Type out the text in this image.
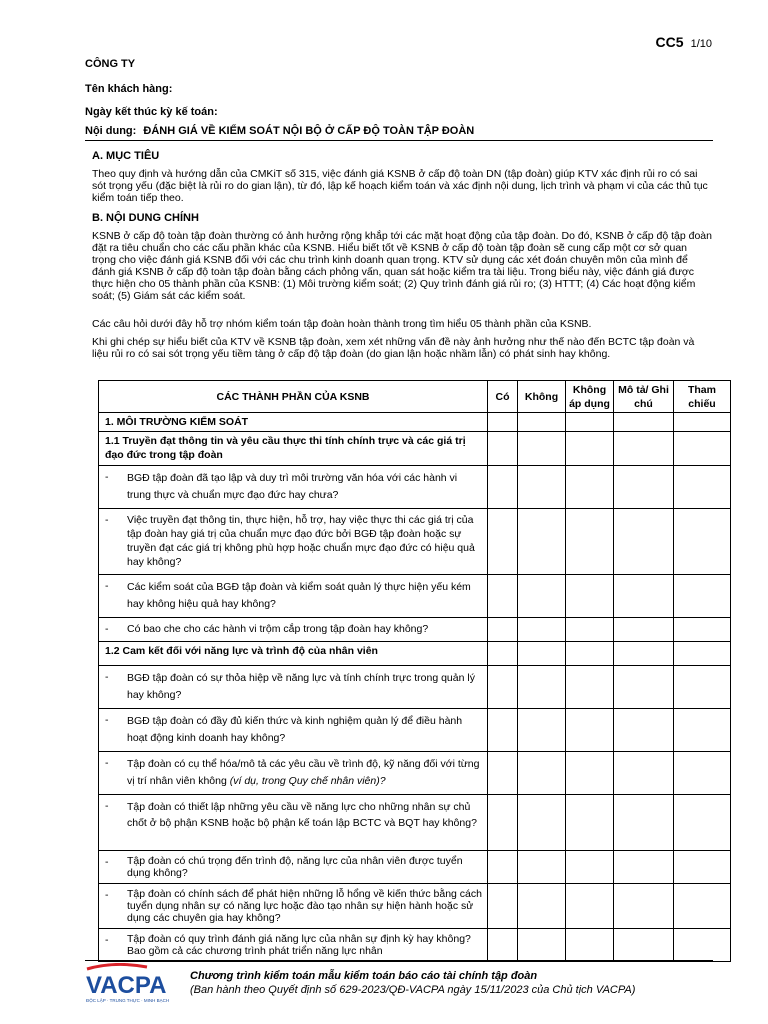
CC5 1/10
CÔNG TY
Tên khách hàng:
Ngày kết thúc kỳ kế toán:
Nội dung: ĐÁNH GIÁ VỀ KIỂM SOÁT NỘI BỘ Ở CẤP ĐỘ TOÀN TẬP ĐOÀN
A. MỤC TIÊU
Theo quy định và hướng dẫn của CMKiT số 315, việc đánh giá KSNB ở cấp độ toàn DN (tập đoàn) giúp KTV xác định rủi ro có sai sót trọng yếu (đặc biệt là rủi ro do gian lận), từ đó, lập kế hoạch kiểm toán và xác định nội dung, lịch trình và phạm vi của các thủ tục kiểm toán tiếp theo.
B. NỘI DUNG CHÍNH
KSNB ở cấp độ toàn tập đoàn thường có ảnh hưởng rộng khắp tới các mặt hoạt động của tập đoàn. Do đó, KSNB ở cấp độ tập đoàn đặt ra tiêu chuẩn cho các cấu phần khác của KSNB. Hiểu biết tốt về KSNB ở cấp độ toàn tập đoàn sẽ cung cấp một cơ sở quan trọng cho việc đánh giá KSNB đối với các chu trình kinh doanh quan trọng. KTV sử dụng các xét đoán chuyên môn của mình để đánh giá KSNB ở cấp độ toàn tập đoàn bằng cách phỏng vấn, quan sát hoặc kiểm tra tài liệu. Trong biểu này, việc đánh giá được thực hiện cho 05 thành phần của KSNB: (1) Môi trường kiểm soát; (2) Quy trình đánh giá rủi ro; (3) HTTT; (4) Các hoạt động kiểm soát; (5) Giám sát các kiểm soát.
Các câu hỏi dưới đây hỗ trợ nhóm kiểm toán tập đoàn hoàn thành trong tìm hiểu 05 thành phần của KSNB.
Khi ghi chép sự hiểu biết của KTV về KSNB tập đoàn, xem xét những vấn đề này ảnh hưởng như thế nào đến BCTC tập đoàn và liệu rủi ro có sai sót trọng yếu tiềm tàng ở cấp độ tập đoàn (do gian lận hoặc nhầm lẫn) có phát sinh hay không.
CÁC THÀNH PHẦN CỦA KSNB	Có	Không	Không áp dụng	Mô tả/ Ghi chú	Tham chiếu
1. MÔI TRƯỜNG KIỂM SOÁT					
1.1 Truyền đạt thông tin và yêu cầu thực thi tính chính trực và các giá trị đạo đức trong tập đoàn					

- BGĐ tập đoàn đã tạo lập và duy trì môi trường văn hóa với các hành vi trung thực và chuẩn mực đạo đức hay chưa?					

- Việc truyền đạt thông tin, thực hiện, hỗ trợ, hay việc thực thi các giá trị của tập đoàn hay giá trị của chuẩn mực đạo đức bởi BGĐ tập đoàn hoặc sự truyền đạt các giá trị không phù hợp hoặc chuẩn mực đạo đức có hiệu quả hay không?					

- Các kiểm soát của BGĐ tập đoàn và kiểm soát quản lý thực hiện yếu kém hay không hiệu quả hay không?					

- Có bao che cho các hành vi trộm cắp trong tập đoàn hay không?					

1.2 Cam kết đối với năng lực và trình độ của nhân viên					

- BGĐ tập đoàn có sự thỏa hiệp về năng lực và tính chính trực trong quản lý hay không?					

- BGĐ tập đoàn có đầy đủ kiến thức và kinh nghiệm quản lý để điều hành hoạt động kinh doanh hay không?					

- Tập đoàn có cụ thể hóa/mô tả các yêu cầu về trình độ, kỹ năng đối với từng vị trí nhân viên không (ví dụ, trong Quy chế nhân viên)?					

- Tập đoàn có thiết lập những yêu cầu về năng lực cho những nhân sự chủ chốt ở bộ phận KSNB hoặc bộ phận kế toán lập BCTC và BQT hay không?					

- Tập đoàn có chú trọng đến trình độ, năng lực của nhân viên được tuyển dụng không?					

- Tập đoàn có chính sách để phát hiện những lỗ hổng về kiến thức bằng cách tuyển dụng nhân sự có năng lực hoặc đào tạo nhân sự hiện hành hoặc sử dụng các chuyên gia hay không?					

- Tập đoàn có quy trình đánh giá năng lực của nhân sự định kỳ hay không? Bao gồm cả các chương trình phát triển năng lực nhân					

VACPA
ĐỘC LẬP · TRUNG THỰC · MINH BẠCH
Chương trình kiểm toán mẫu kiểm toán báo cáo tài chính tập đoàn
(Ban hành theo Quyết định số 629-2023/QĐ-VACPA ngày 15/11/2023 của Chủ tịch VACPA)
